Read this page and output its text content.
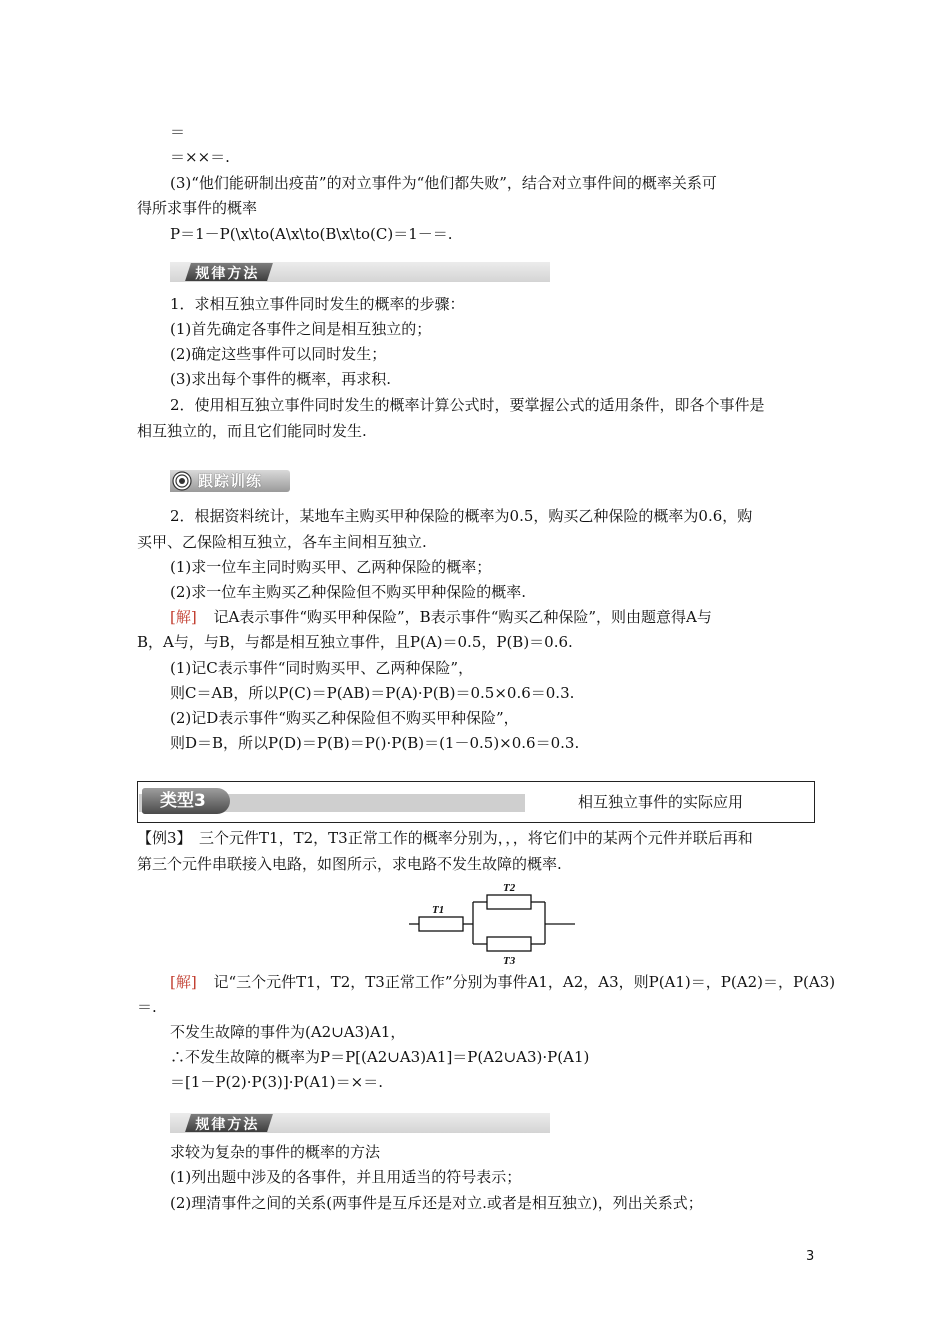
＝
＝××＝.
(3)“他们能研制出疫苗”的对立事件为“他们都失败”，结合对立事件间的概率关系可
得所求事件的概率
P＝1－P(\x\to(A\x\to(B\x\to(C)＝1－＝.
规律方法
1．求相互独立事件同时发生的概率的步骤：
(1)首先确定各事件之间是相互独立的；
(2)确定这些事件可以同时发生；
(3)求出每个事件的概率，再求积.
2．使用相互独立事件同时发生的概率计算公式时，要掌握公式的适用条件，即各个事件是
相互独立的，而且它们能同时发生.
跟踪训练
2．根据资料统计，某地车主购买甲种保险的概率为0.5，购买乙种保险的概率为0.6，购
买甲、乙保险相互独立，各车主间相互独立.
(1)求一位车主同时购买甲、乙两种保险的概率；
(2)求一位车主购买乙种保险但不购买甲种保险的概率.
[解] 记A表示事件“购买甲种保险”，B表示事件“购买乙种保险”，则由题意得A与
B，A与，与B，与都是相互独立事件，且P(A)＝0.5，P(B)＝0.6.
(1)记C表示事件“同时购买甲、乙两种保险”，
则C＝AB，所以P(C)＝P(AB)＝P(A)·P(B)＝0.5×0.6＝0.3.
(2)记D表示事件“购买乙种保险但不购买甲种保险”，
则D＝B，所以P(D)＝P(B)＝P()·P(B)＝(1－0.5)×0.6＝0.3.
类型3	相互独立事件的实际应用
【例3】　三个元件T1，T2，T3正常工作的概率分别为，，，将它们中的某两个元件并联后再和
第三个元件串联接入电路，如图所示，求电路不发生故障的概率.
T1
T2
T3
[解] 记“三个元件T1，T2，T3正常工作”分别为事件A1，A2，A3，则P(A1)＝，P(A2)＝，P(A3)
＝.
不发生故障的事件为(A2∪A3)A1，
∴不发生故障的概率为P＝P[(A2∪A3)A1]＝P(A2∪A3)·P(A1)
＝[1－P(2)·P(3)]·P(A1)＝×＝.
规律方法
求较为复杂的事件的概率的方法
(1)列出题中涉及的各事件，并且用适当的符号表示；
(2)理清事件之间的关系(两事件是互斥还是对立.或者是相互独立)，列出关系式；
3
